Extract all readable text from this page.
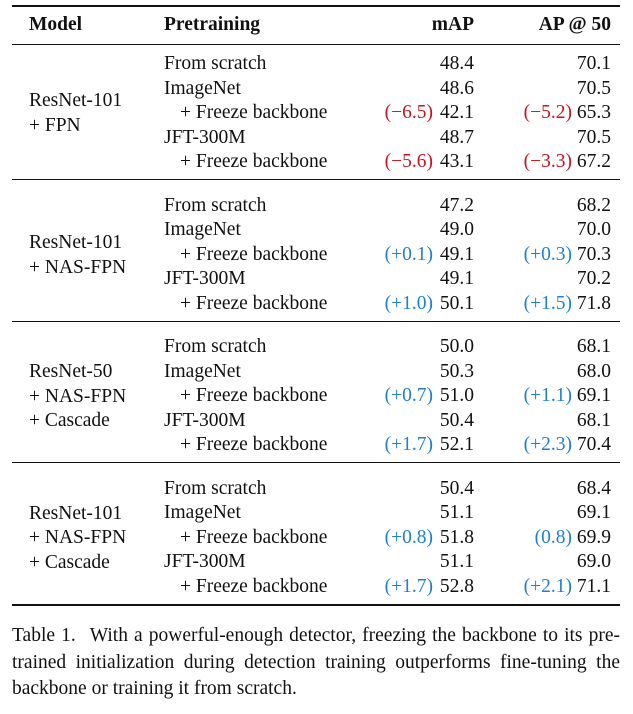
Model	Pretraining	mAP	AP @ 50
ResNet-101
+ FPN
From scratch	48.4	70.1
ImageNet	48.6	70.5
+ Freeze backbone	(−6.5) 42.1	(−5.2) 65.3
JFT-300M	48.7	70.5
+ Freeze backbone	(−5.6) 43.1	(−3.3) 67.2
ResNet-101
+ NAS-FPN
From scratch	47.2	68.2
ImageNet	49.0	70.0
+ Freeze backbone	(+0.1) 49.1	(+0.3) 70.3
JFT-300M	49.1	70.2
+ Freeze backbone	(+1.0) 50.1	(+1.5) 71.8
ResNet-50
+ NAS-FPN
+ Cascade
From scratch	50.0	68.1
ImageNet	50.3	68.0
+ Freeze backbone	(+0.7) 51.0	(+1.1) 69.1
JFT-300M	50.4	68.1
+ Freeze backbone	(+1.7) 52.1	(+2.3) 70.4
ResNet-101
+ NAS-FPN
+ Cascade
From scratch	50.4	68.4
ImageNet	51.1	69.1
+ Freeze backbone	(+0.8) 51.8	(0.8) 69.9
JFT-300M	51.1	69.0
+ Freeze backbone	(+1.7) 52.8	(+2.1) 71.1
Table 1. With a powerful-enough detector, freezing the backbone to its pre-trained initialization during detection training outperforms fine-tuning the backbone or training it from scratch.
